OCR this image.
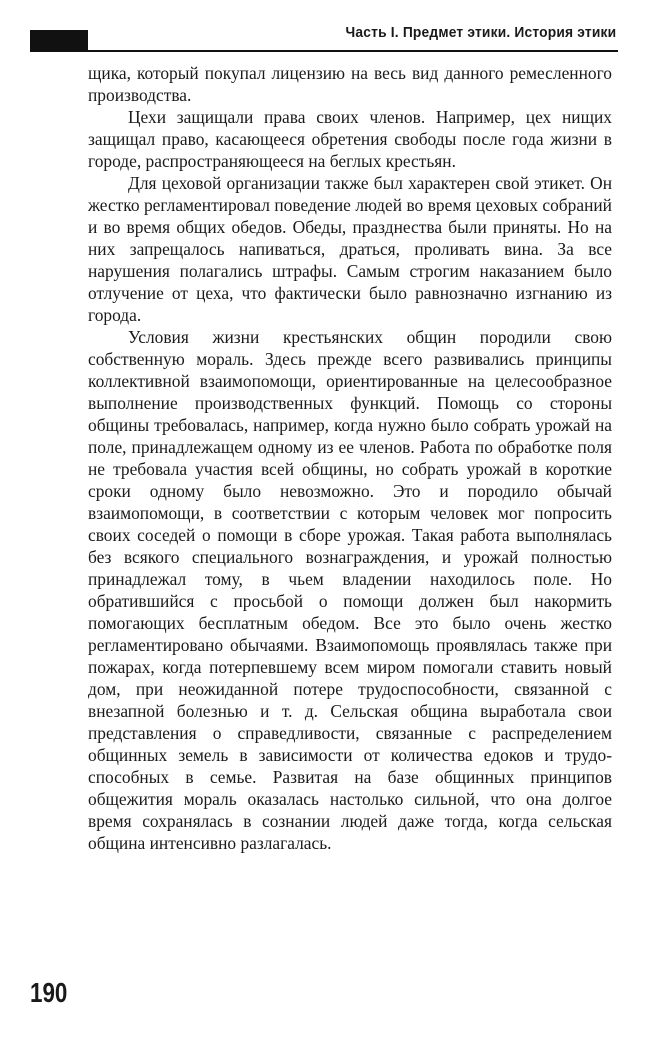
Часть I. Предмет этики. История этики

щика, который покупал лицензию на весь вид данного ремесленного производства.

Цехи защищали права своих членов. Например, цех нищих защищал право, касающееся обретения свободы после года жизни в городе, распространяющееся на беглых крестьян.

Для цеховой организации также был характерен свой этикет. Он жестко регламентировал поведение людей во время цеховых собраний и во время общих обедов. Обеды, празднества были приняты. Но на них запрещалось напиваться, драться, проливать вина. За все нарушения полагались штрафы. Самым строгим наказанием было отлучение от цеха, что фактически было равнозначно изгнанию из города.

Условия жизни крестьянских общин породили свою собственную мораль. Здесь прежде всего развивались принципы коллективной взаимопомощи, ориентированные на целесообразное выполнение производственных функций. Помощь со стороны общины требовалась, например, когда нужно было собрать урожай на поле, принадлежащем одному из ее членов. Работа по обработке поля не требовала участия всей общины, но собрать урожай в короткие сроки одному было невозможно. Это и породило обычай взаимопомощи, в соответствии с которым человек мог попросить своих соседей о помощи в сборе урожая. Такая работа выполнялась без всякого специального вознаграждения, и урожай полностью принадлежал тому, в чьем владении находилось поле. Но обратившийся с просьбой о помощи должен был накормить помогающих бесплатным обедом. Все это было очень жестко регламентировано обычаями. Взаимопомощь проявлялась также при пожарах, когда потерпевшему всем миром помогали ставить новый дом, при неожиданной потере трудоспособности, связанной с внезапной болезнью и т. д. Сельская община выработала свои представления о справедливости, связанные с распределением общинных земель в зависимости от количества едоков и трудоспособных в семье. Развитая на базе общинных принципов общежития мораль оказалась настолько сильной, что она долгое время сохранялась в сознании людей даже тогда, когда сельская община интенсивно разлагалась.

190
